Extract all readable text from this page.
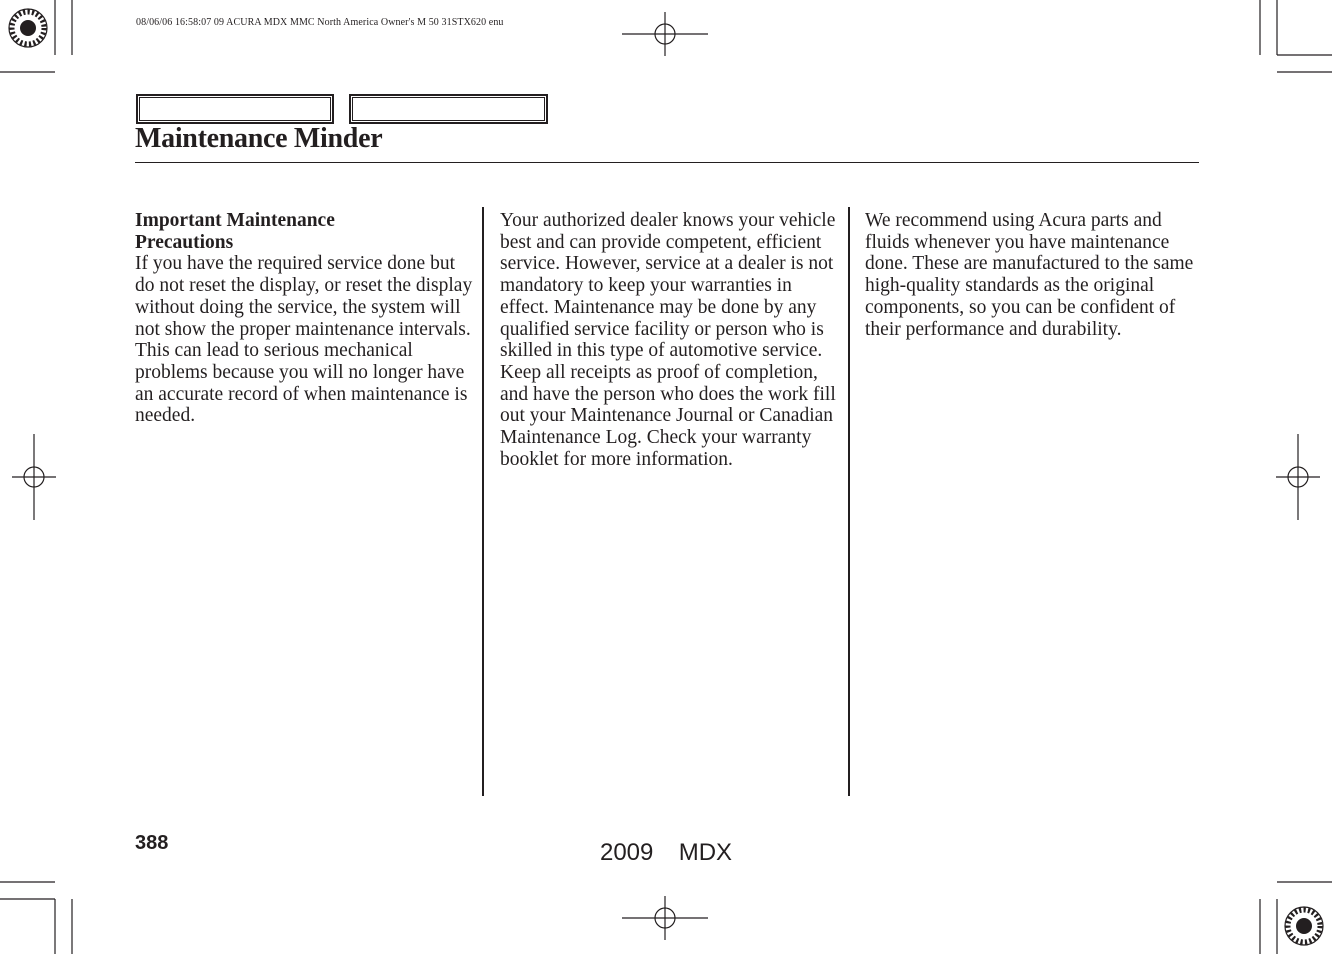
08/06/06 16:58:07 09 ACURA MDX MMC North America Owner's M 50 31STX620 enu
Maintenance Minder

Important Maintenance

Precautions

If you have the required service done but do not reset the display, or reset the display without doing the service, the system will not show the proper maintenance intervals. This can lead to serious mechanical problems because you will no longer have an accurate record of when maintenance is needed.

Your authorized dealer knows your vehicle best and can provide competent, efficient service. However, service at a dealer is not mandatory to keep your warranties in effect. Maintenance may be done by any qualified service facility or person who is skilled in this type of automotive service. Keep all receipts as proof of completion, and have the person who does the work fill out your Maintenance Journal or Canadian Maintenance Log. Check your warranty booklet for more information.

We recommend using Acura parts and fluids whenever you have maintenance done. These are manufactured to the same high-quality standards as the original components, so you can be confident of their performance and durability.

388	2009  MDX
